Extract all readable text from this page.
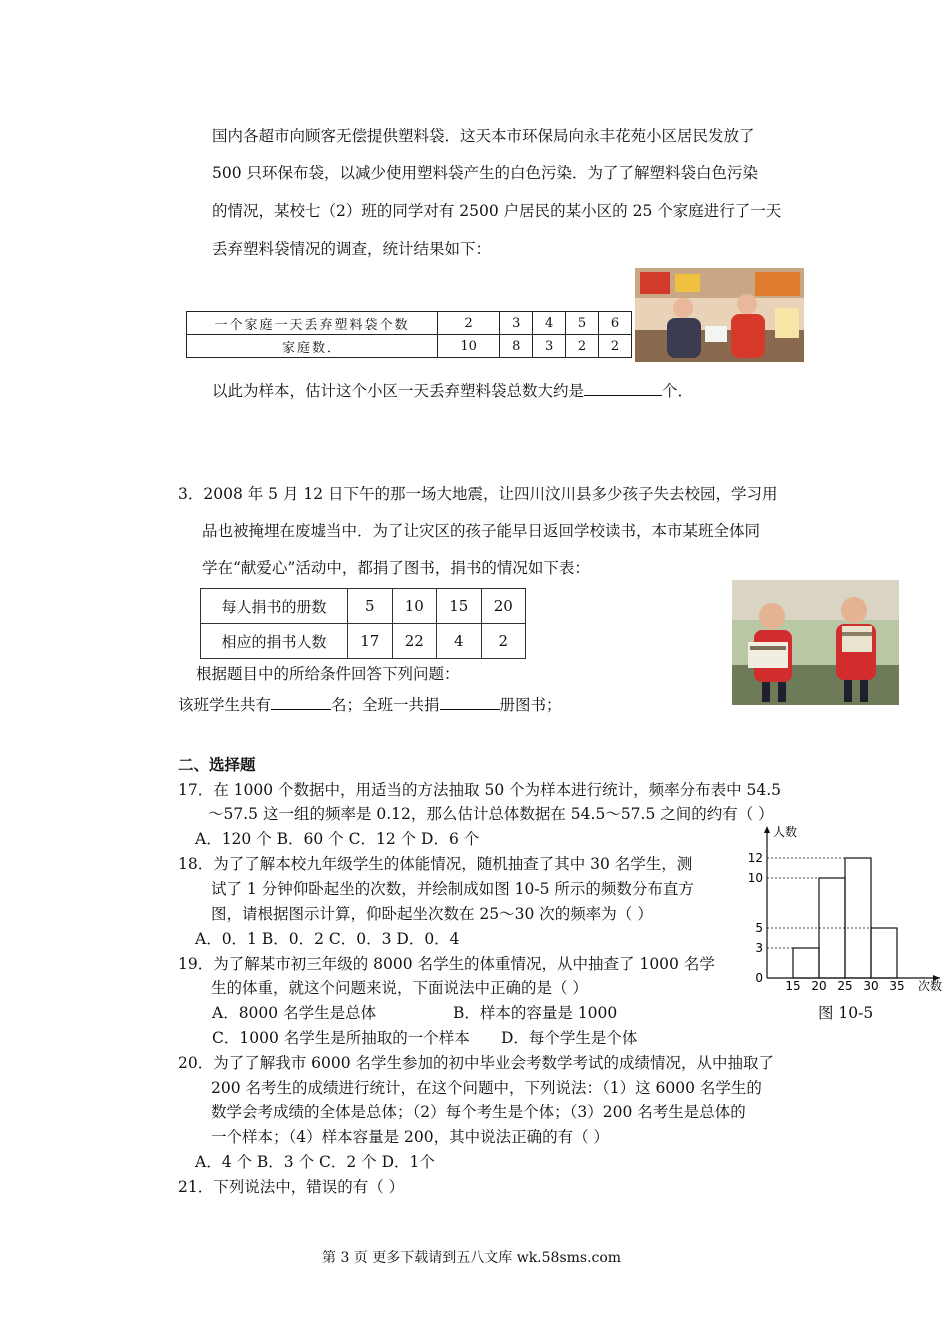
国内各超市向顾客无偿提供塑料袋．这天本市环保局向永丰花苑小区居民发放了
500 只环保布袋，以减少使用塑料袋产生的白色污染．为了了解塑料袋白色污染
的情况，某校七（2）班的同学对有 2500 户居民的某小区的 25 个家庭进行了一天
丢弃塑料袋情况的调查，统计结果如下：
一个家庭一天丢弃塑料袋个数	2	3	4	5	6
家庭数．	10	8	3	2	2
以此为样本，估计这个小区一天丢弃塑料袋总数大约是	个．
3．2008 年 5 月 12 日下午的那一场大地震，让四川汶川县多少孩子失去校园，学习用
品也被掩埋在废墟当中．为了让灾区的孩子能早日返回学校读书，本市某班全体同
学在“献爱心”活动中，都捐了图书，捐书的情况如下表：
每人捐书的册数	5	10	15	20
相应的捐书人数	17	22	4	2
根据题目中的所给条件回答下列问题：
该班学生共有	名；全班一共捐	册图书；
二、选择题
17．在 1000 个数据中，用适当的方法抽取 50 个为样本进行统计，频率分布表中 54.5
～57.5 这一组的频率是 0.12，那么估计总体数据在 54.5～57.5 之间的约有（ ）
A．120 个 B．60 个 C．12 个 D．6 个
18．为了了解本校九年级学生的体能情况，随机抽查了其中 30 名学生，测
试了 1 分钟仰卧起坐的次数，并绘制成如图 10-5 所示的频数分布直方
图，请根据图示计算，仰卧起坐次数在 25～30 次的频率为（ ）
A．0．1 B．0．2 C．0．3 D．0．4
19．为了解某市初三年级的 8000 名学生的体重情况，从中抽查了 1000 名学
生的体重，就这个问题来说，下面说法中正确的是（ ）
A．8000 名学生是总体	B．样本的容量是 1000
C．1000 名学生是所抽取的一个样本 D．每个学生是个体
20．为了了解我市 6000 名学生参加的初中毕业会考数学考试的成绩情况，从中抽取了
200 名考生的成绩进行统计，在这个问题中，下列说法：（1）这 6000 名学生的
数学会考成绩的全体是总体；（2）每个考生是个体；（3）200 名考生是总体的
一个样本；（4）样本容量是 200，其中说法正确的有（ ）
A．4 个 B．3 个 C．2 个 D．1个
21．下列说法中，错误的有（ ）
人数
次数
0
3
5
10
12
15 20 25 30 35
图 10-5
第 3 页 更多下载请到五八文库 wk.58sms.com
